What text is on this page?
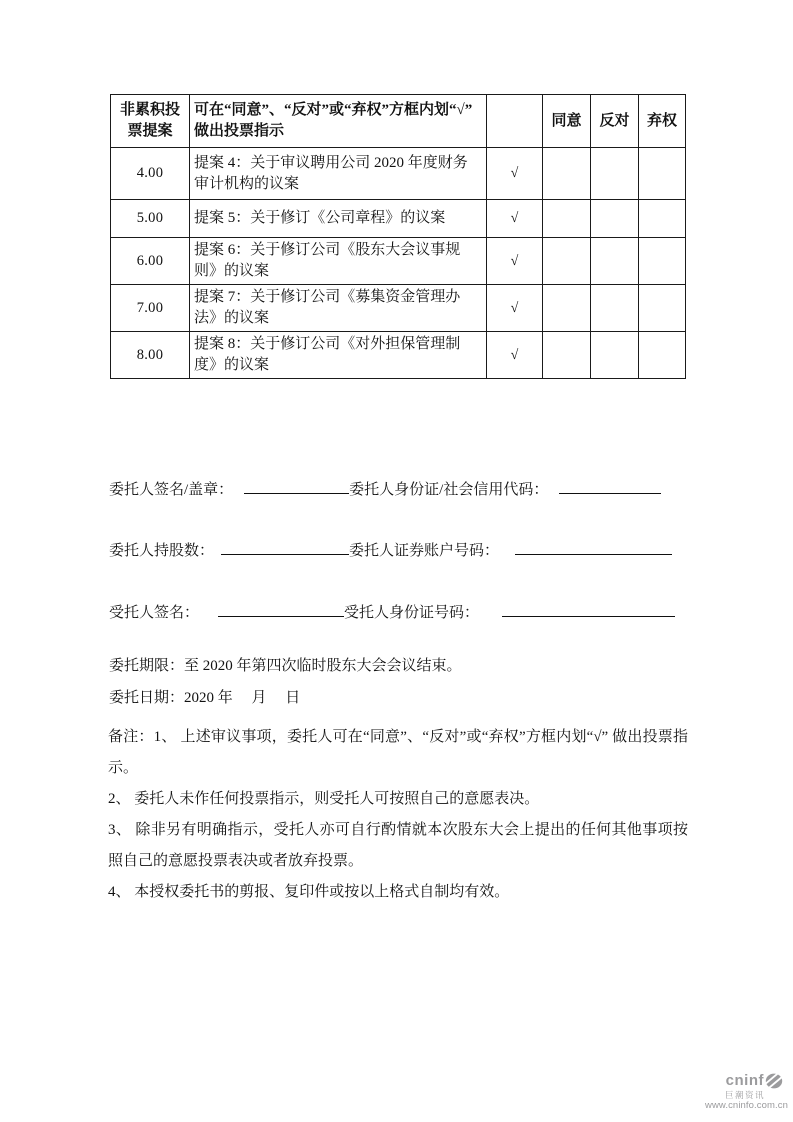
非累积投票提案	可在“同意”、“反对”或“弃权”方框内划“√” 做出投票指示		同意	反对	弃权
4.00	提案 4：关于审议聘用公司 2020 年度财务审计机构的议案	√			
5.00	提案 5：关于修订《公司章程》的议案	√			
6.00	提案 6：关于修订公司《股东大会议事规则》的议案	√			
7.00	提案 7：关于修订公司《募集资金管理办法》的议案	√			
8.00	提案 8：关于修订公司《对外担保管理制度》的议案	√			
委托人签名/盖章：	委托人身份证/社会信用代码：
委托人持股数：	委托人证券账户号码：
受托人签名：	受托人身份证号码：
委托期限：至 2020 年第四次临时股东大会会议结束。
委托日期：2020 年　 月　 日

备注：1、 上述审议事项，委托人可在“同意”、“反对”或“弃权”方框内划“√” 做出投票指示。

2、 委托人未作任何投票指示，则受托人可按照自己的意愿表决。

3、 除非另有明确指示，受托人亦可自行酌情就本次股东大会上提出的任何其他事项按照自己的意愿投票表决或者放弃投票。

4、 本授权委托书的剪报、复印件或按以上格式自制均有效。

cninf
巨潮资讯
www.cninfo.com.cn
